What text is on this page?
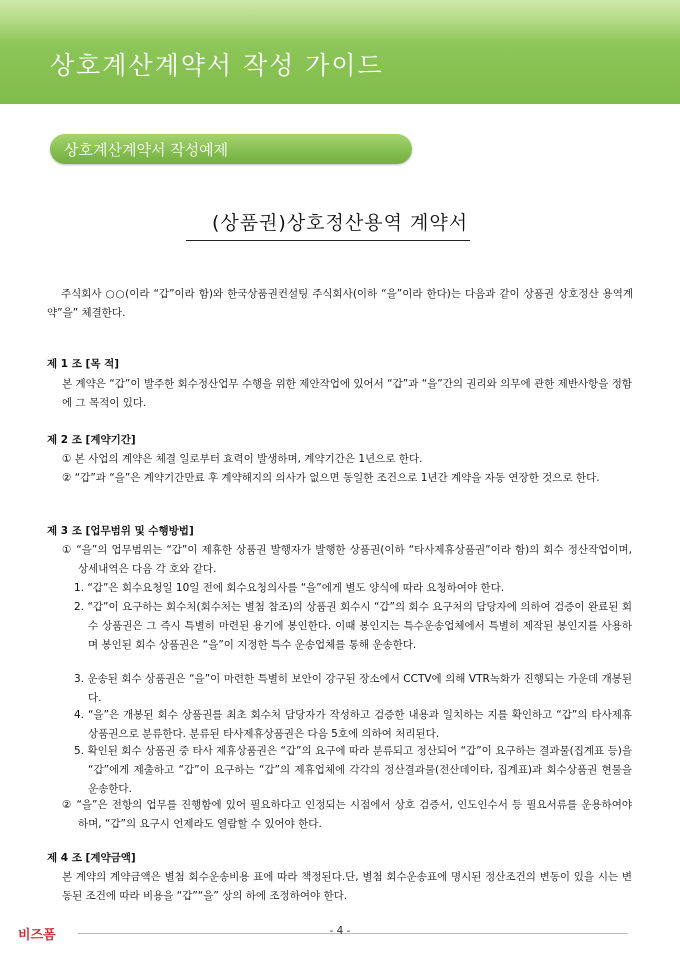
상호계산계약서 작성 가이드
상호계산계약서 작성예제
(상품권)상호정산용역 계약서
주식회사 ○○(이라 “갑”이라 함)와 한국상품권컨설팅 주식회사(이하 “을”이라 한다)는 다음과 같이 상품권 상호정산 용역계약”을” 체결한다.
제 1 조 [목 적]
본 계약은 “갑”이 발주한 회수정산업무 수행을 위한 제안작업에 있어서 “갑”과 “을”간의 권리와 의무에 관한 제반사항을 정함에 그 목적이 있다.
제 2 조 [계약기간]
① 본 사업의 계약은 체결 일로부터 효력이 발생하며, 계약기간은 1년으로 한다.
② “갑”과 “을”은 계약기간만료 후 계약해지의 의사가 없으면 동일한 조건으로 1년간 계약을 자동 연장한 것으로 한다.
제 3 조 [업무범위 및 수행방법]
① “을”의 업무범위는 “갑”이 제휴한 상품권 발행자가 발행한 상품권(이하 “타사제휴상품권”이라 함)의 회수 정산작업이며, 상세내역은 다음 각 호와 같다.
1. “갑”은 회수요청일 10일 전에 회수요청의사를 “을”에게 별도 양식에 따라 요청하여야 한다.
2. “갑”이 요구하는 회수처(회수처는 별첨 참조)의 상품권 회수시 “갑”의 회수 요구처의 담당자에 의하여 검증이 완료된 회수 상품권은 그 즉시 특별히 마련된 용기에 봉인한다. 이때 봉인지는 특수운송업체에서 특별히 제작된 봉인지를 사용하며 봉인된 회수 상품권은 “을”이 지정한 특수 운송업체를 통해 운송한다.
3. 운송된 회수 상품권은 “을”이 마련한 특별히 보안이 강구된 장소에서 CCTV에 의해 VTR녹화가 진행되는 가운데 개봉된다.
4. “을”은 개봉된 회수 상품권를 최초 회수처 담당자가 작성하고 검증한 내용과 일치하는 지를 확인하고 “갑”의 타사제휴상품권으로 분류한다. 분류된 타사제휴상품권은 다음 5호에 의하여 처리된다.
5. 확인된 회수 상품권 중 타사 제휴상품권은 “갑”의 요구에 따라 분류되고 정산되어 “갑”이 요구하는 결과물(집계표 등)을 “갑”에게 제출하고 “갑”이 요구하는 “갑”의 제휴업체에 각각의 정산결과물(전산데이타, 집계표)과 회수상품권 현물을 운송한다.
② “을”은 전항의 업무를 진행함에 있어 필요하다고 인정되는 시점에서 상호 검증서, 인도인수서 등 필요서류를 운용하여야 하며, “갑”의 요구시 언제라도 열람할 수 있어야 한다.
제 4 조 [계약금액]
본 계약의 계약금액은 별첨 회수운송비용 표에 따라 책정된다.단, 별첨 회수운송표에 명시된 정산조건의 변동이 있을 시는 변동된 조건에 따라 비용을 “갑”“을” 상의 하에 조정하여야 한다.
- 4 -
비즈폼
